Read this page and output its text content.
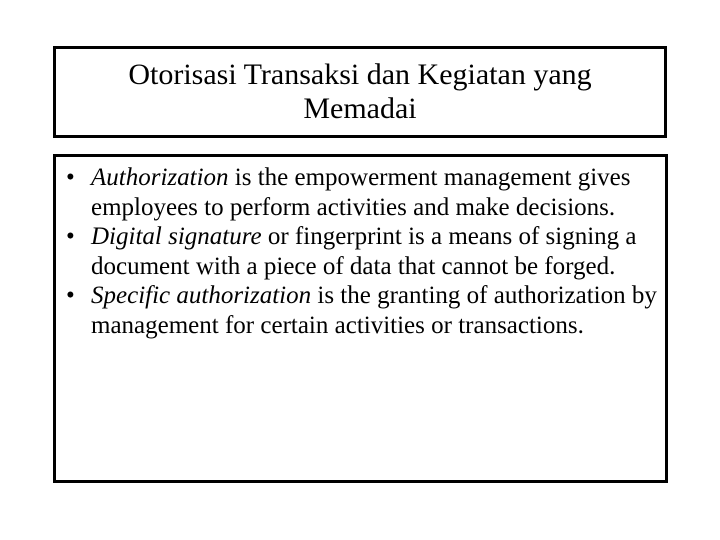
Otorisasi Transaksi dan Kegiatan yang Memadai
• Authorization is the empowerment management gives employees to perform activities and make decisions.
• Digital signature or fingerprint is a means of signing a document with a piece of data that cannot be forged.
• Specific authorization is the granting of authorization by management for certain activities or transactions.
